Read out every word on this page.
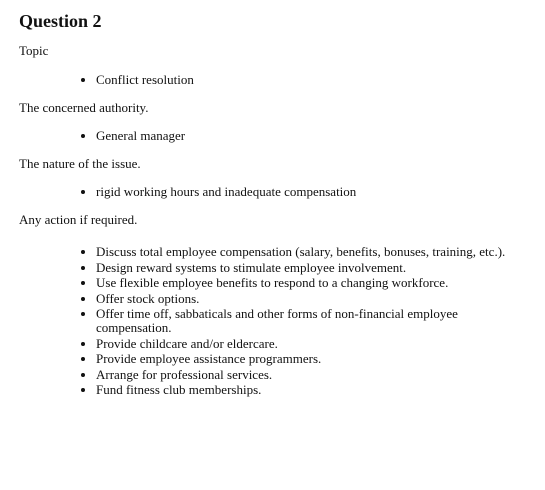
Question 2

Topic

• Conflict resolution

The concerned authority.

• General manager

The nature of the issue.

• rigid working hours and inadequate compensation

Any action if required.

• Discuss total employee compensation (salary, benefits, bonuses, training, etc.).
• Design reward systems to stimulate employee involvement.
• Use flexible employee benefits to respond to a changing workforce.
• Offer stock options.
• Offer time off, sabbaticals and other forms of non-financial employee compensation.
• Provide childcare and/or eldercare.
• Provide employee assistance programmers.
• Arrange for professional services.
• Fund fitness club memberships.
